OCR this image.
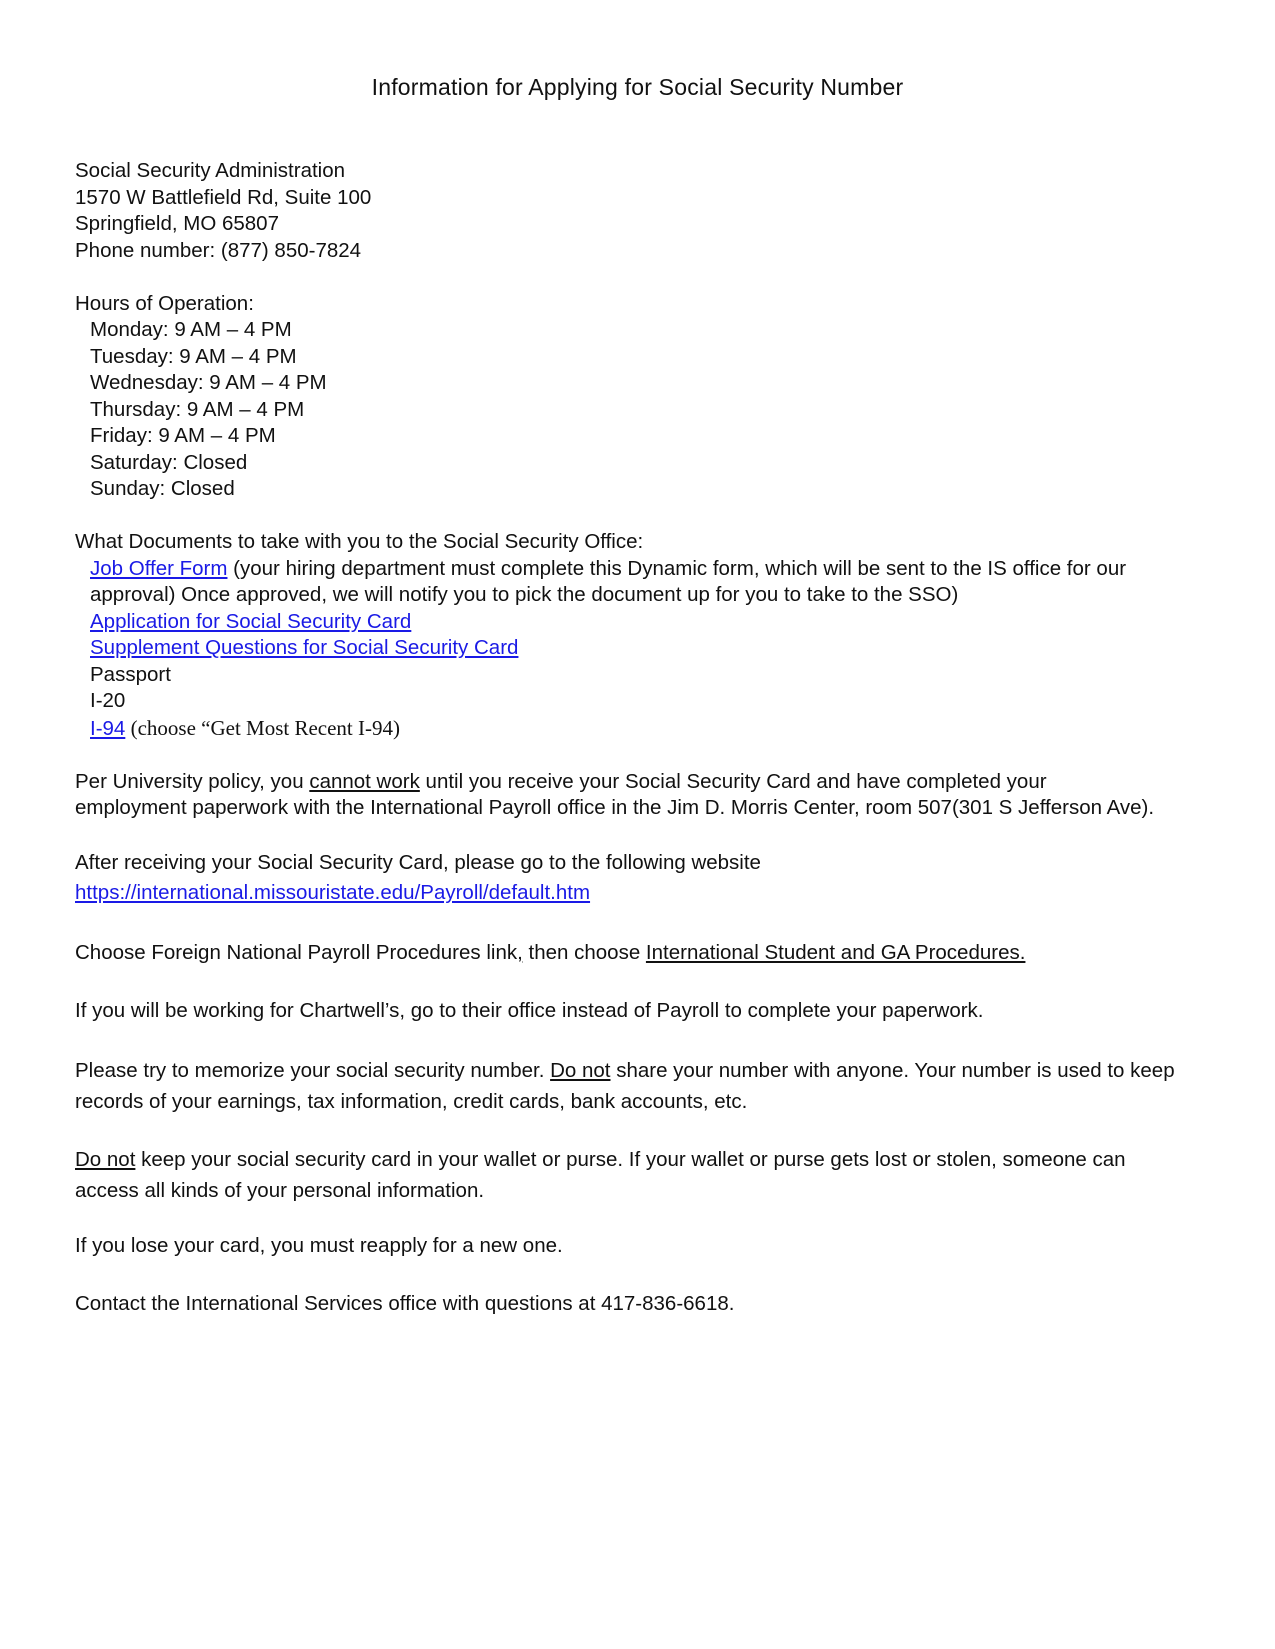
Information for Applying for Social Security Number

Social Security Administration

1570 W Battlefield Rd, Suite 100

Springfield, MO 65807

Phone number: (877) 850-7824

Hours of Operation:

Monday: 9 AM – 4 PM

Tuesday: 9 AM – 4 PM

Wednesday: 9 AM – 4 PM

Thursday: 9 AM – 4 PM

Friday: 9 AM – 4 PM

Saturday: Closed

Sunday: Closed

What Documents to take with you to the Social Security Office:

Job Offer Form (your hiring department must complete this Dynamic form, which will be sent to the IS office for our

approval) Once approved, we will notify you to pick the document up for you to take to the SSO)

Application for Social Security Card

Supplement Questions for Social Security Card

Passport

I-20

I-94 (choose “Get Most Recent I-94)

Per University policy, you cannot work until you receive your Social Security Card and have completed your

employment paperwork with the International Payroll office in the Jim D. Morris Center, room 507(301 S Jefferson Ave).

After receiving your Social Security Card, please go to the following website

https://international.missouristate.edu/Payroll/default.htm

Choose Foreign National Payroll Procedures link, then choose International Student and GA Procedures.

If you will be working for Chartwell’s, go to their office instead of Payroll to complete your paperwork.

Please try to memorize your social security number. Do not share your number with anyone. Your number is used to keep

records of your earnings, tax information, credit cards, bank accounts, etc.

Do not keep your social security card in your wallet or purse. If your wallet or purse gets lost or stolen, someone can

access all kinds of your personal information.

If you lose your card, you must reapply for a new one.

Contact the International Services office with questions at 417-836-6618.
